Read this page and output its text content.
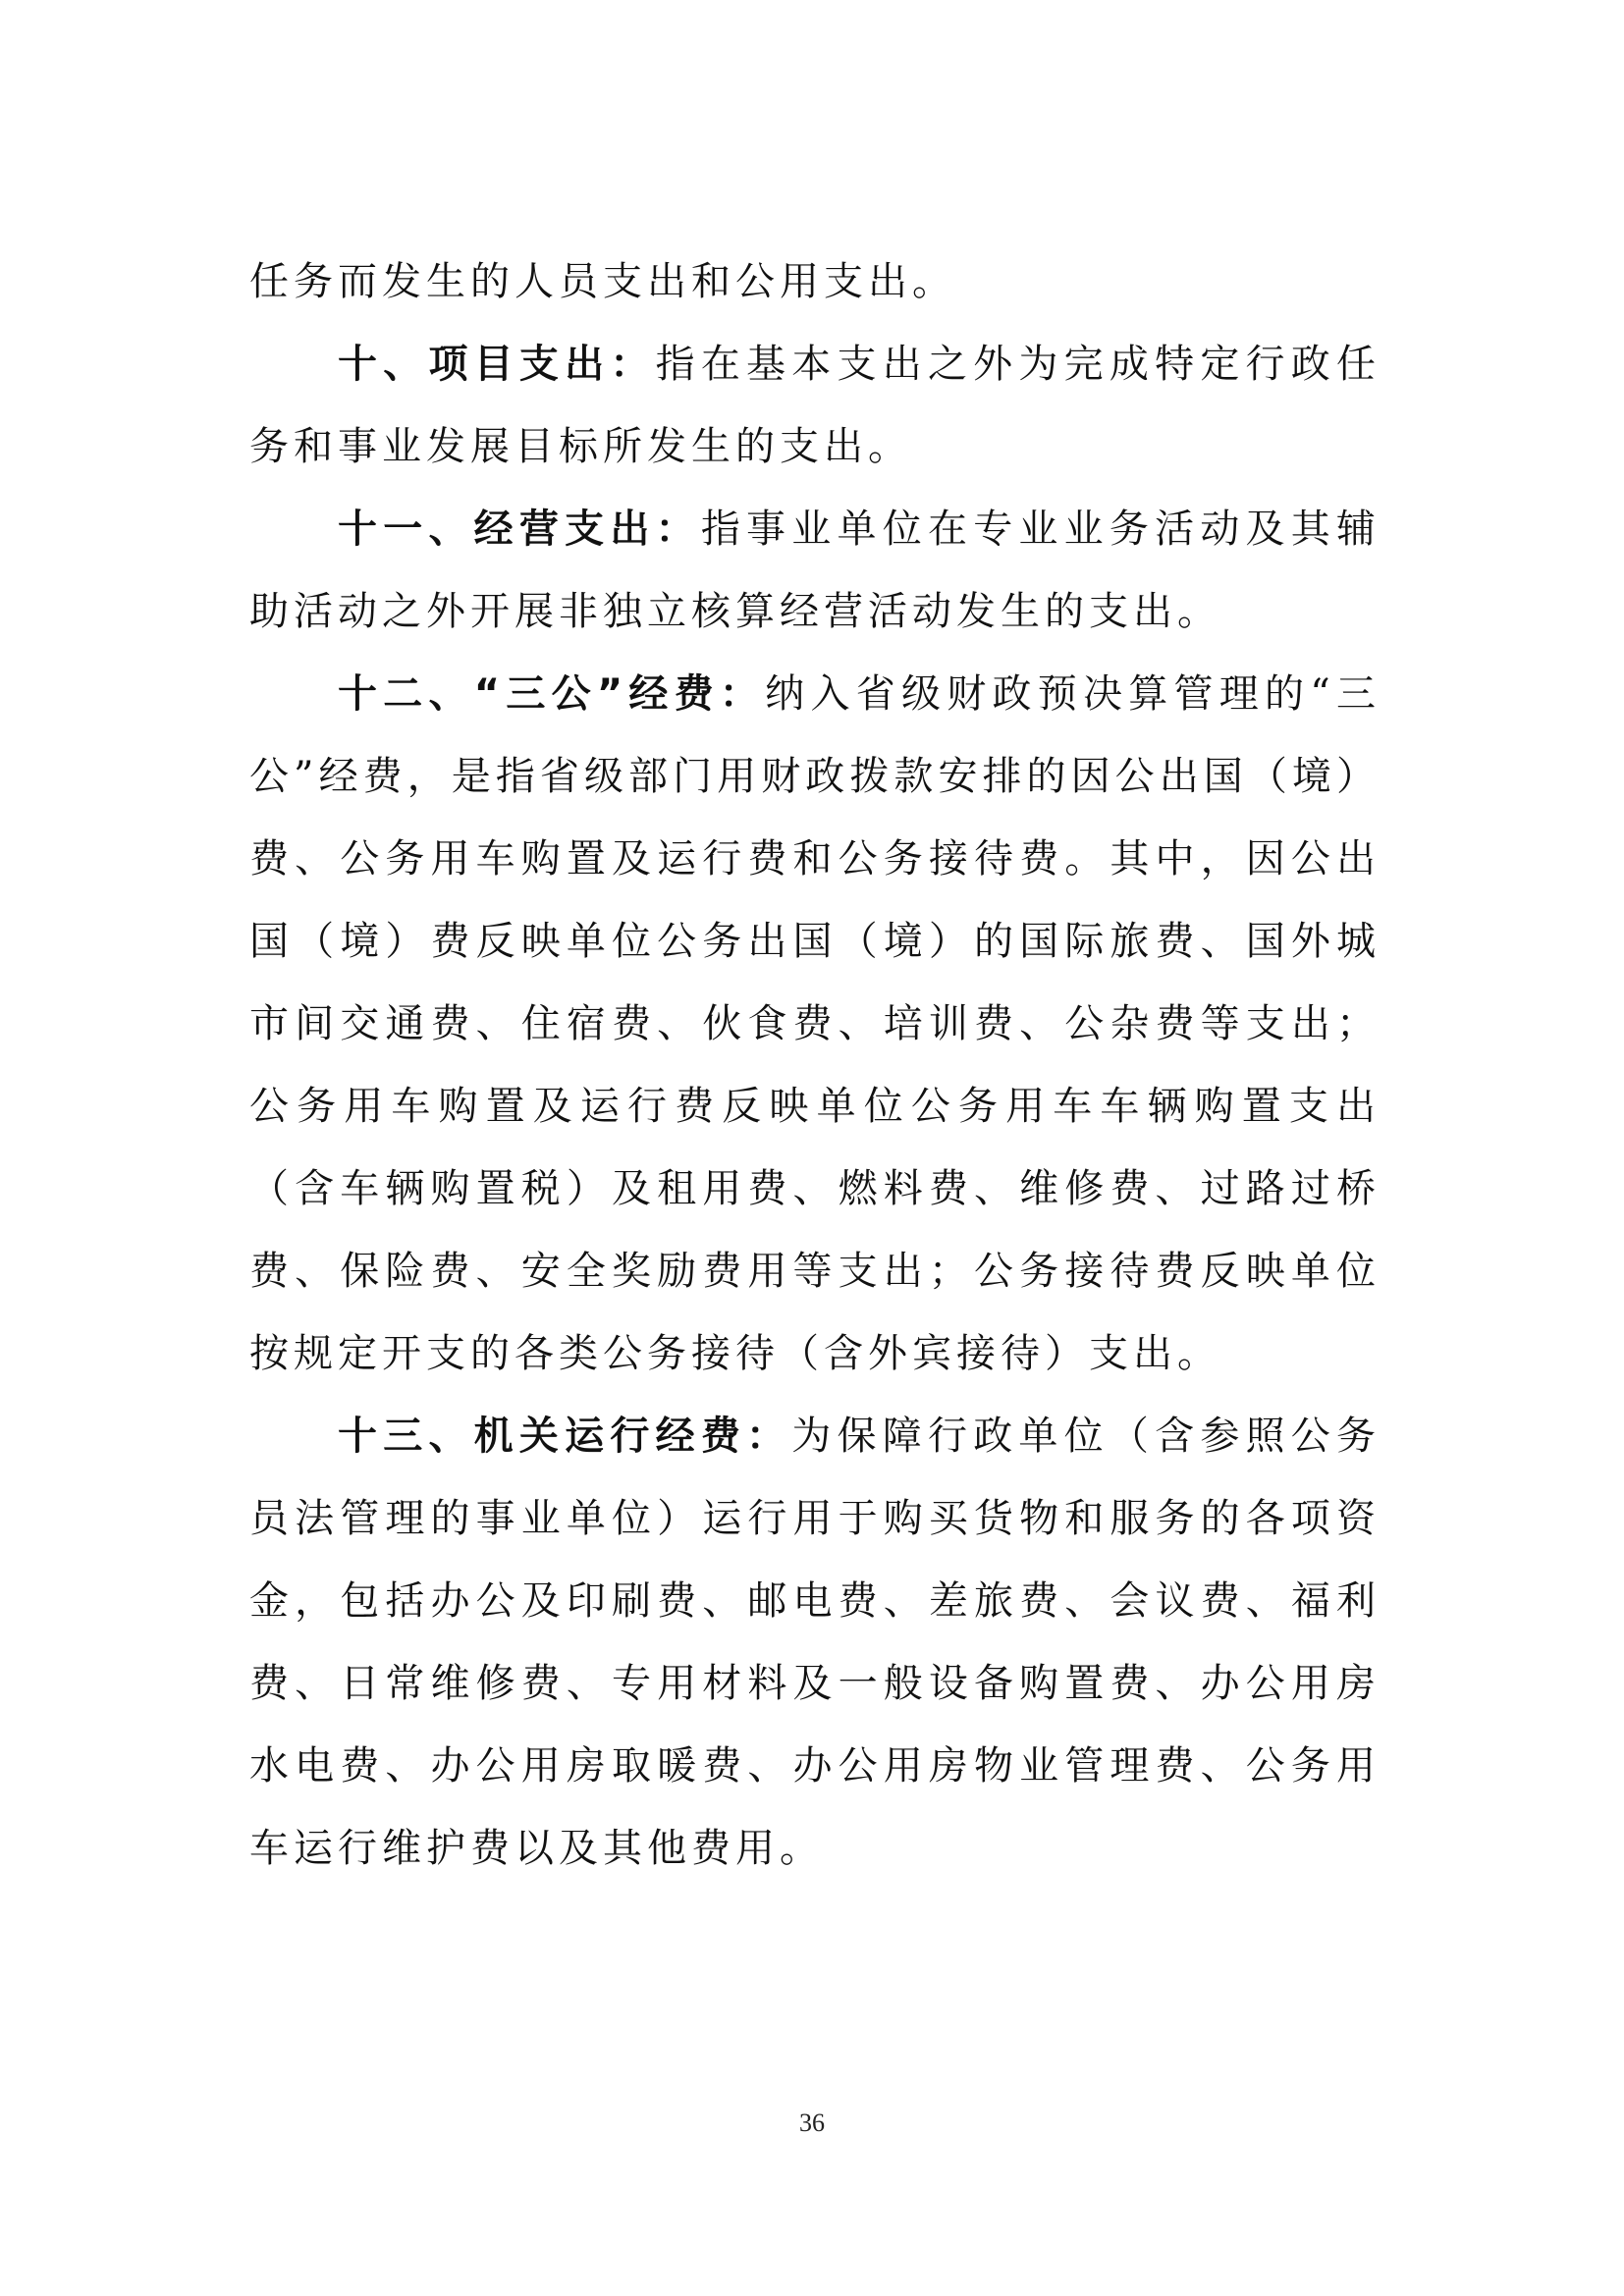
任务而发生的人员支出和公用支出。

十、项目支出：指在基本支出之外为完成特定行政任务和事业发展目标所发生的支出。

十一、经营支出：指事业单位在专业业务活动及其辅助活动之外开展非独立核算经营活动发生的支出。

十二、“三公”经费：纳入省级财政预决算管理的“三公”经费，是指省级部门用财政拨款安排的因公出国（境）费、公务用车购置及运行费和公务接待费。其中，因公出国（境）费反映单位公务出国（境）的国际旅费、国外城市间交通费、住宿费、伙食费、培训费、公杂费等支出；公务用车购置及运行费反映单位公务用车车辆购置支出（含车辆购置税）及租用费、燃料费、维修费、过路过桥费、保险费、安全奖励费用等支出；公务接待费反映单位按规定开支的各类公务接待（含外宾接待）支出。

十三、机关运行经费：为保障行政单位（含参照公务员法管理的事业单位）运行用于购买货物和服务的各项资金，包括办公及印刷费、邮电费、差旅费、会议费、福利费、日常维修费、专用材料及一般设备购置费、办公用房水电费、办公用房取暖费、办公用房物业管理费、公务用车运行维护费以及其他费用。

36
